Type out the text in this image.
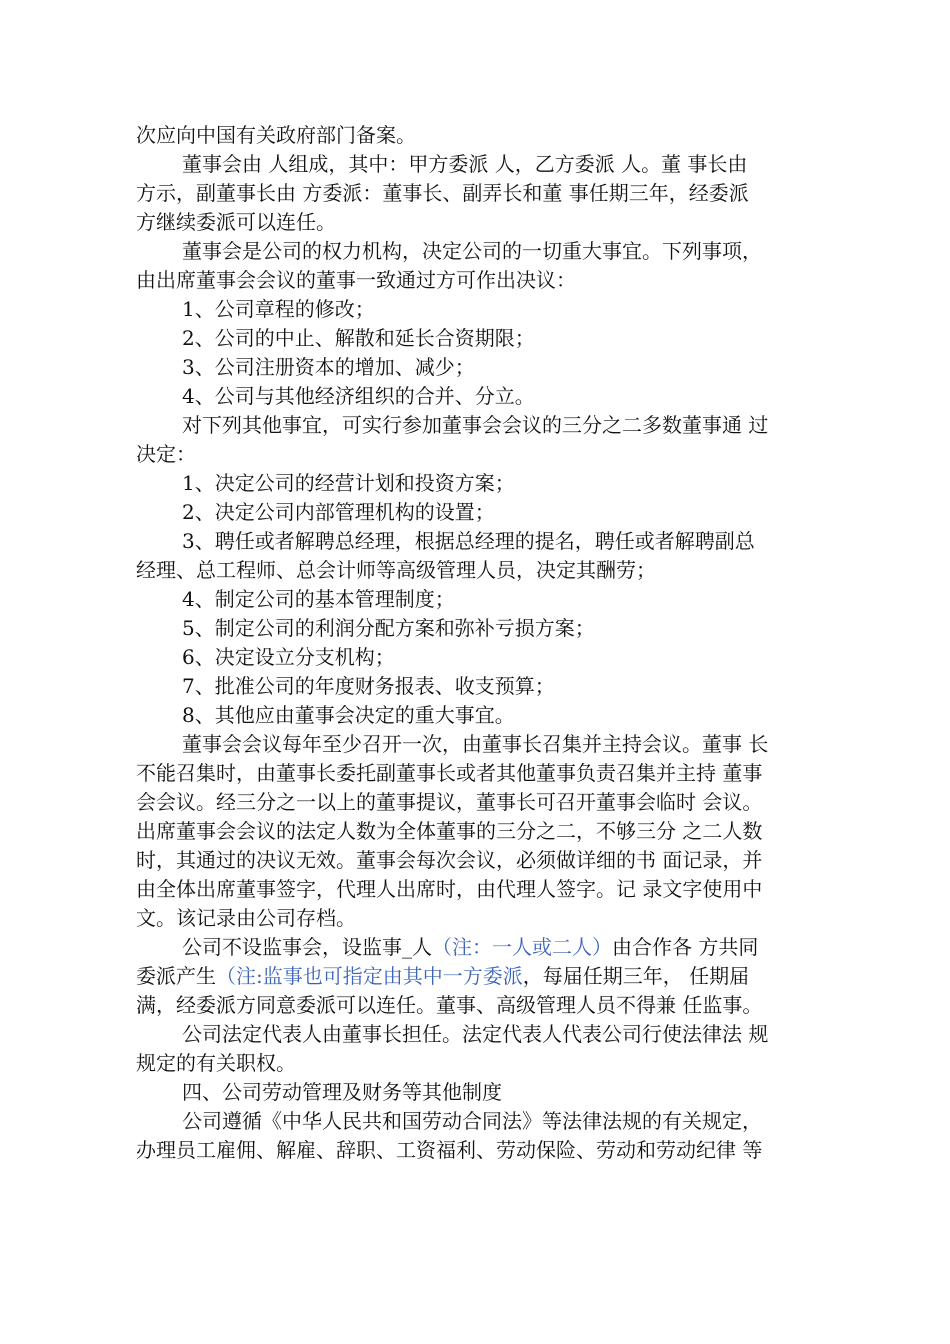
次应向中国有关政府部门备案。
董事会由 人组成，其中：甲方委派 人，乙方委派 人。董 事长由
方示，副董事长由 方委派：董事长、副弄长和董 事任期三年，经委派
方继续委派可以连任。
董事会是公司的权力机构，决定公司的一切重大事宜。下列事项，
由出席董事会会议的董事一致通过方可作出决议：
1、公司章程的修改；
2、公司的中止、解散和延长合资期限；
3、公司注册资本的增加、减少；
4、公司与其他经济组织的合并、分立。
对下列其他事宜，可实行参加董事会会议的三分之二多数董事通 过
决定：
1、决定公司的经营计划和投资方案；
2、决定公司内部管理机构的设置；
3、聘任或者解聘总经理，根据总经理的提名，聘任或者解聘副总
经理、总工程师、总会计师等高级管理人员，决定其酬劳；
4、制定公司的基本管理制度；
5、制定公司的利润分配方案和弥补亏损方案；
6、决定设立分支机构；
7、批准公司的年度财务报表、收支预算；
8、其他应由董事会决定的重大事宜。
董事会会议每年至少召开一次，由董事长召集并主持会议。董事 长
不能召集时，由董事长委托副董事长或者其他董事负责召集并主持 董事
会会议。经三分之一以上的董事提议，董事长可召开董事会临时 会议。
出席董事会会议的法定人数为全体董事的三分之二，不够三分 之二人数
时，其通过的决议无效。董事会每次会议，必须做详细的书 面记录，并
由全体出席董事签字，代理人出席时，由代理人签字。记 录文字使用中
文。该记录由公司存档。
公司不设监事会，设监事_人（注：一人或二人）由合作各 方共同
委派产生（注:监事也可指定由其中一方委派，每届任期三年， 任期届
满，经委派方同意委派可以连任。董事、高级管理人员不得兼 任监事。
公司法定代表人由董事长担任。法定代表人代表公司行使法律法 规
规定的有关职权。
四、公司劳动管理及财务等其他制度
公司遵循《中华人民共和国劳动合同法》等法律法规的有关规定，
办理员工雇佣、解雇、辞职、工资福利、劳动保险、劳动和劳动纪律 等
